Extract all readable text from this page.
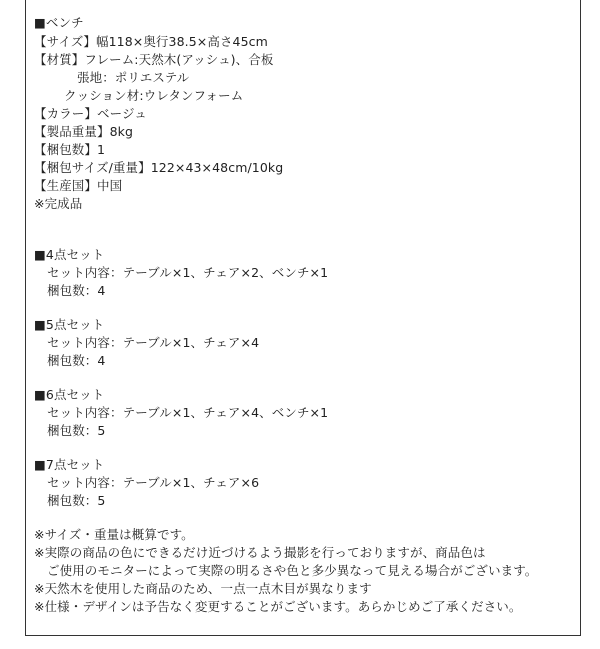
■ベンチ
【サイズ】幅118×奥行38.5×高さ45cm
【材質】フレーム:天然木(アッシュ)、合板
張地：ポリエステル
クッション材:ウレタンフォーム
【カラー】ベージュ
【製品重量】8kg
【梱包数】1
【梱包サイズ/重量】122×43×48cm/10kg
【生産国】中国
※完成品
■4点セット
セット内容：テーブル×1、チェア×2、ベンチ×1
梱包数：4
■5点セット
セット内容：テーブル×1、チェア×4
梱包数：4
■6点セット
セット内容：テーブル×1、チェア×4、ベンチ×1
梱包数：5
■7点セット
セット内容：テーブル×1、チェア×6
梱包数：5
※サイズ・重量は概算です。
※実際の商品の色にできるだけ近づけるよう撮影を行っておりますが、商品色は
ご使用のモニターによって実際の明るさや色と多少異なって見える場合がございます。
※天然木を使用した商品のため、一点一点木目が異なります
※仕様・デザインは予告なく変更することがございます。あらかじめご了承ください。
